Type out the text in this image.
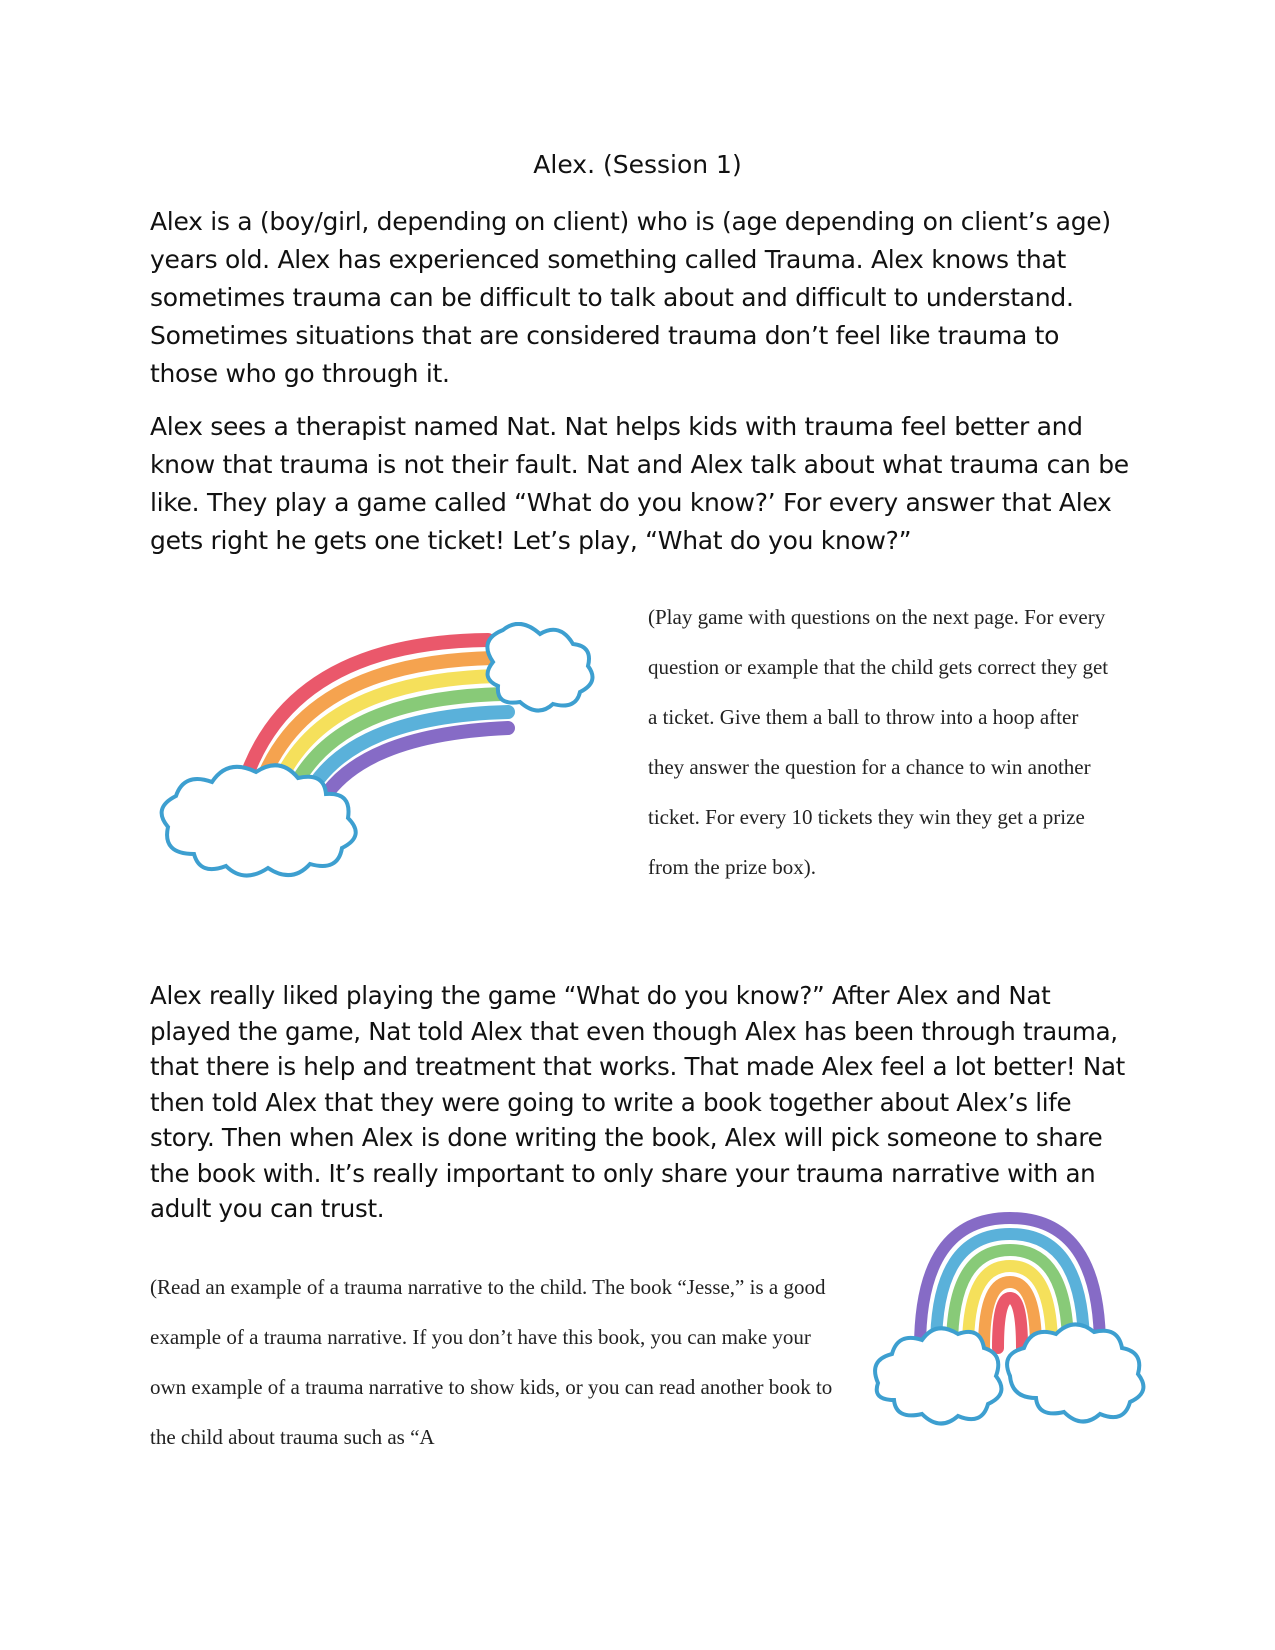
Alex. (Session 1)

Alex is a (boy/girl, depending on client) who is (age depending on client’s age) years old. Alex has experienced something called Trauma. Alex knows that sometimes trauma can be difficult to talk about and difficult to understand. Sometimes situations that are considered trauma don’t feel like trauma to those who go through it.

Alex sees a therapist named Nat. Nat helps kids with trauma feel better and know that trauma is not their fault. Nat and Alex talk about what trauma can be like. They play a game called “What do you know?’ For every answer that Alex gets right he gets one ticket! Let’s play, “What do you know?”

(Play game with questions on the next page. For every question or example that the child gets correct they get a ticket. Give them a ball to throw into a hoop after they answer the question for a chance to win another ticket. For every 10 tickets they win they get a prize from the prize box).

Alex really liked playing the game “What do you know?” After Alex and Nat played the game, Nat told Alex that even though Alex has been through trauma, that there is help and treatment that works. That made Alex feel a lot better! Nat then told Alex that they were going to write a book together about Alex’s life story. Then when Alex is done writing the book, Alex will pick someone to share the book with. It’s really important to only share your trauma narrative with an adult you can trust.

(Read an example of a trauma narrative to the child. The book “Jesse,” is a good example of a trauma narrative. If you don’t have this book, you can make your own example of a trauma narrative to show kids, or you can read another book to the child about trauma such as “A
